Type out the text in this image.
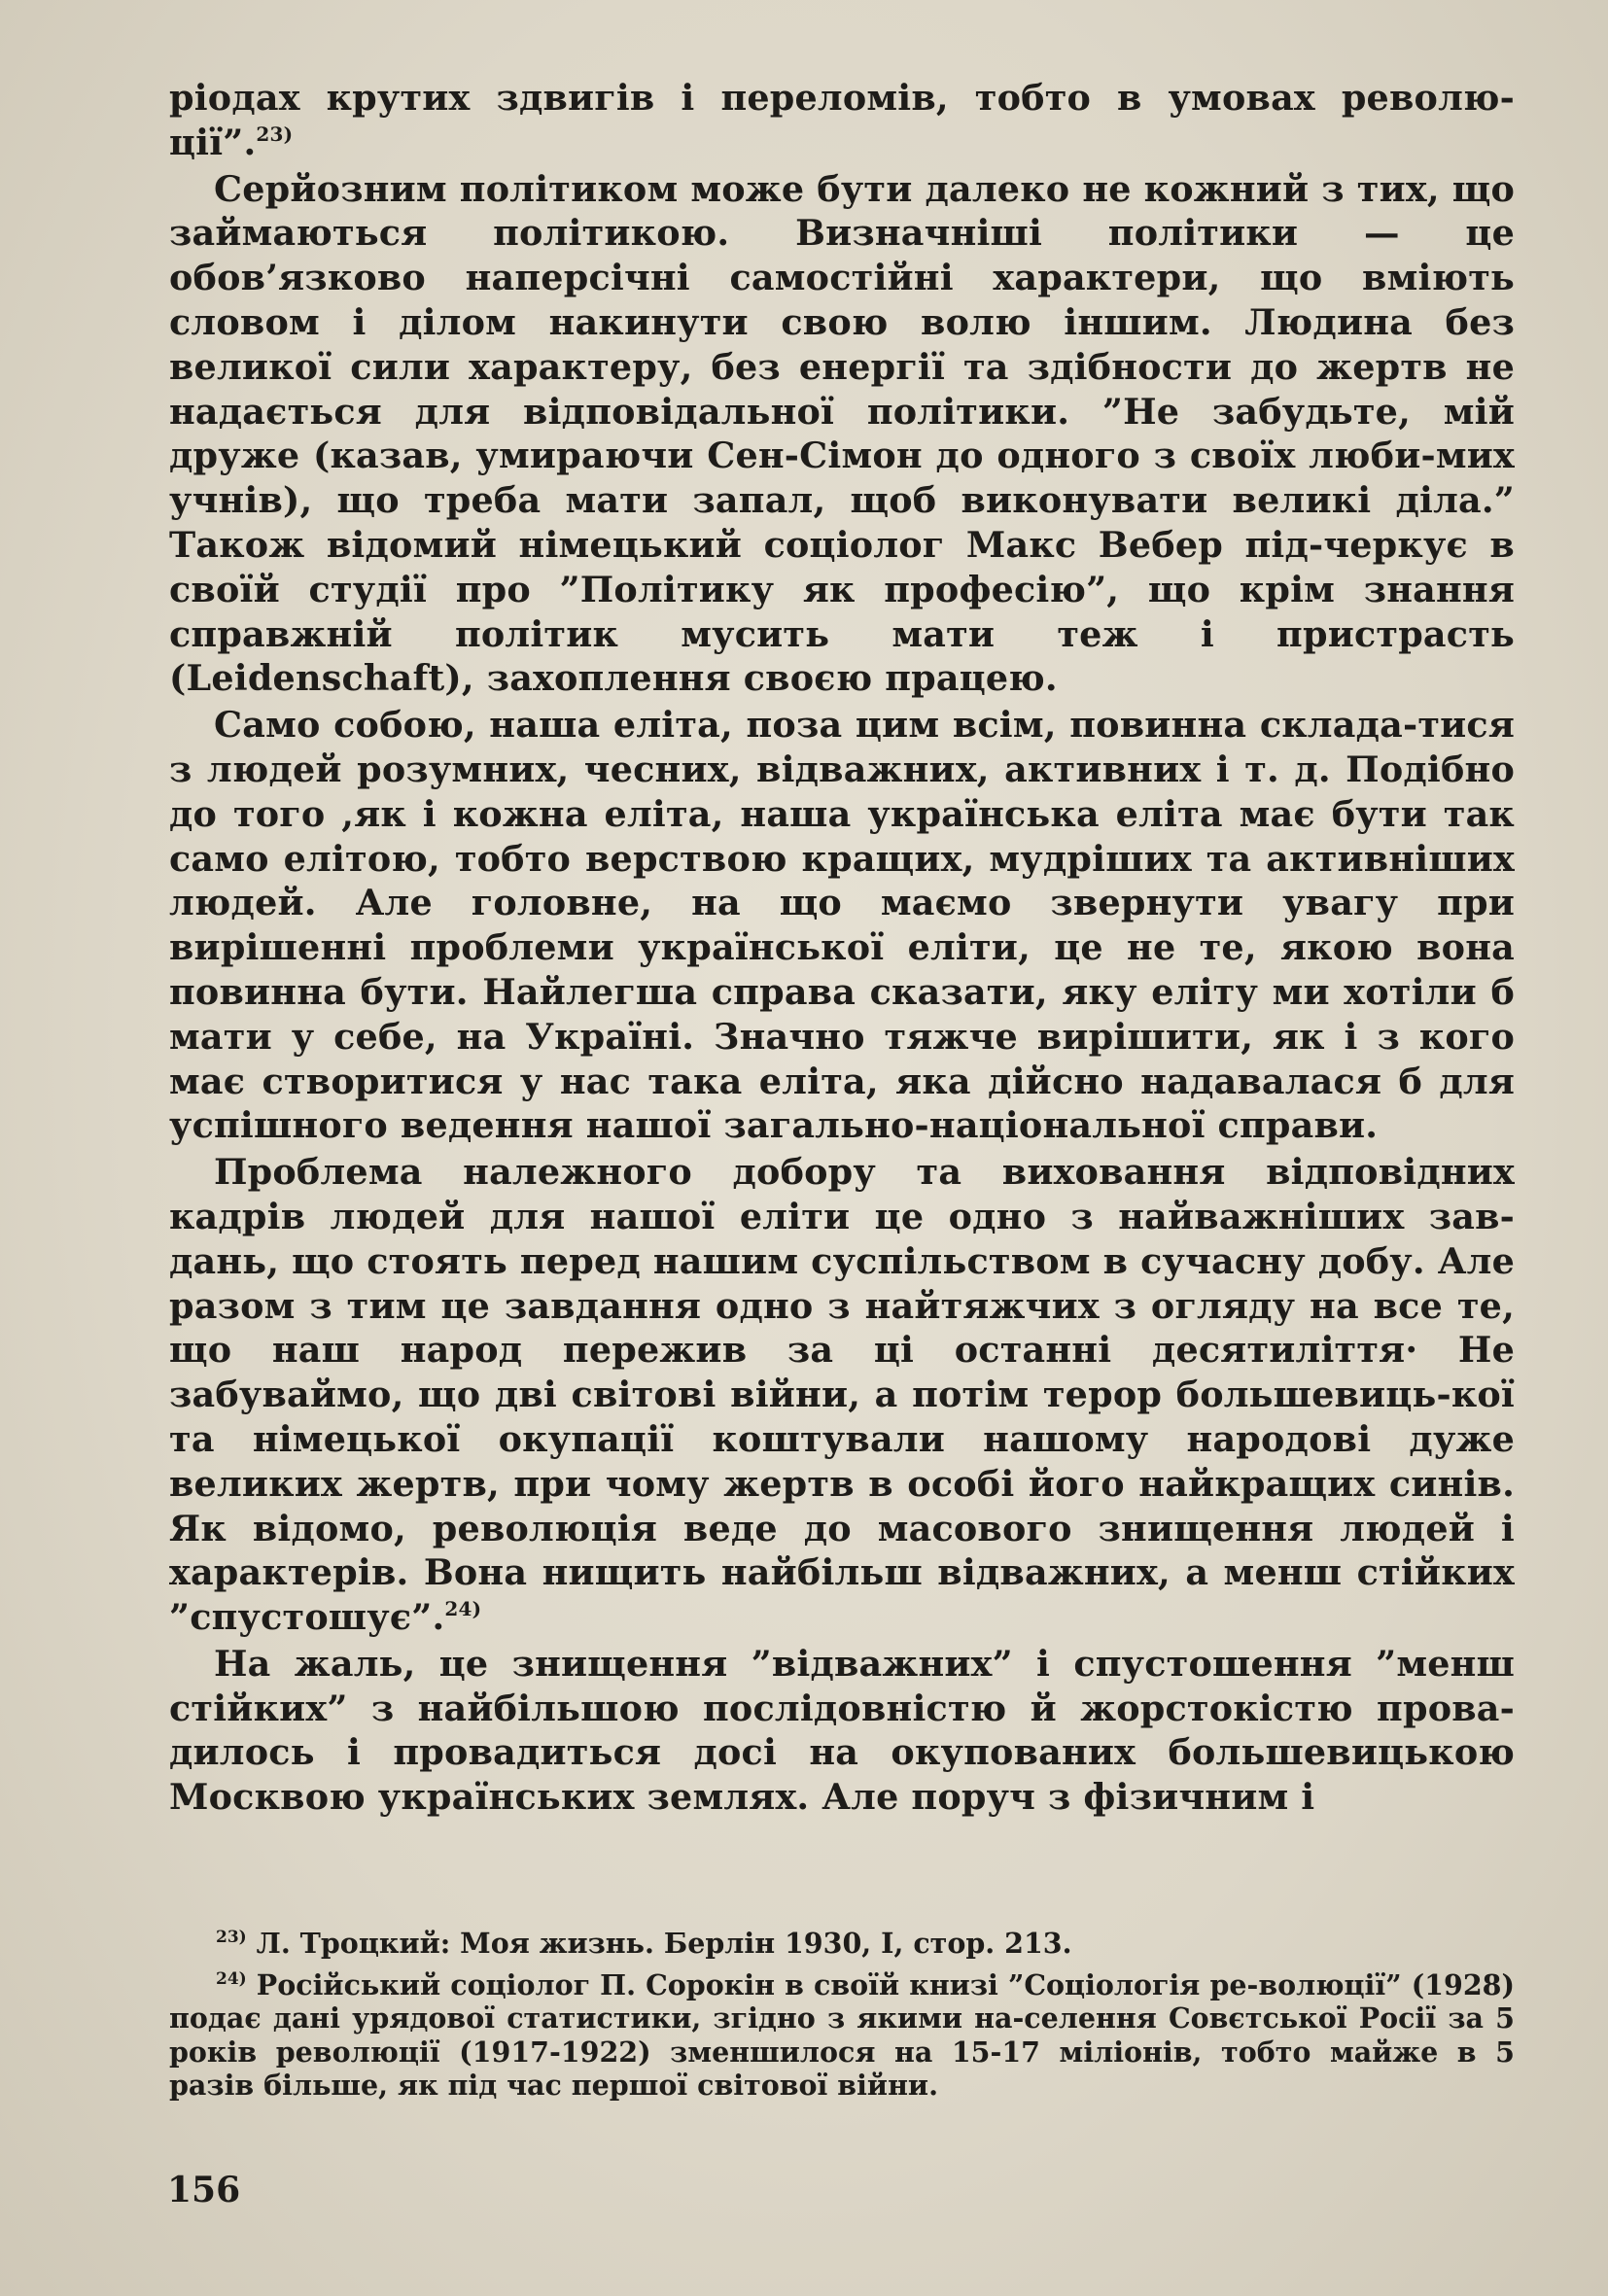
ріодах крутих здвигів і переломів, тобто в умовах револю-ції”.$^{23)}$

Серйозним політиком може бути далеко не кожний з тих, що займаються політикою. Визначніші політики — це обов’язково наперсічні самостійні характери, що вміють словом і ділом накинути свою волю іншим. Людина без великої сили характеру, без енергії та здібности до жертв не надається для відповідальної політики. ”Не забудьте, мій друже (казав, умираючи Сен-Сімон до одного з своїх люби-мих учнів), що треба мати запал, щоб виконувати великі діла.” Також відомий німецький соціолог Макс Вебер під-черкує в своїй студії про ”Політику як професію”, що крім знання справжній політик мусить мати теж і пристрасть (Leidenschaft), захоплення своєю працею.

Само собою, наша еліта, поза цим всім, повинна склада-тися з людей розумних, чесних, відважних, активних і т. д. Подібно до того ,як і кожна еліта, наша українська еліта має бути так само елітою, тобто верствою кращих, мудріших та активніших людей. Але головне, на що маємо звернути увагу при вирішенні проблеми української еліти, це не те, якою вона повинна бути. Найлегша справа сказати, яку еліту ми хотіли б мати у себе, на Україні. Значно тяжче вирішити, як і з кого має створитися у нас така еліта, яка дійсно надавалася б для успішного ведення нашої загально-національної справи.

Проблема належного добору та виховання відповідних кадрів людей для нашої еліти це одно з найважніших зав-дань, що стоять перед нашим суспільством в сучасну добу. Але разом з тим це завдання одно з найтяжчих з огляду на все те, що наш народ пережив за ці останні десятиліття· Не забуваймо, що дві світові війни, а потім терор большевиць-кої та німецької окупації коштували нашому народові дуже великих жертв, при чому жертв в особі його найкращих синів. Як відомо, революція веде до масового знищення людей і характерів. Вона нищить найбільш відважних, а менш стійких ”спустошує”.$^{24)}$

На жаль, це знищення ”відважних” і спустошення ”менш стійких” з найбільшою послідовністю й жорстокістю прова-дилось і провадиться досі на окупованих большевицькою Москвою українських землях. Але поруч з фізичним і

$^{23)}$ Л. Троцкий: Моя жизнь. Берлін 1930, I, стор. 213.

$^{24)}$ Російський соціолог П. Сорокін в своїй книзі ”Соціологія ре-волюції” (1928) подає дані урядової статистики, згідно з якими на-селення Совєтської Росії за 5 років революції (1917-1922) зменшилося на 15-17 міліонів, тобто майже в 5 разів більше, як під час першої світової війни.

156
